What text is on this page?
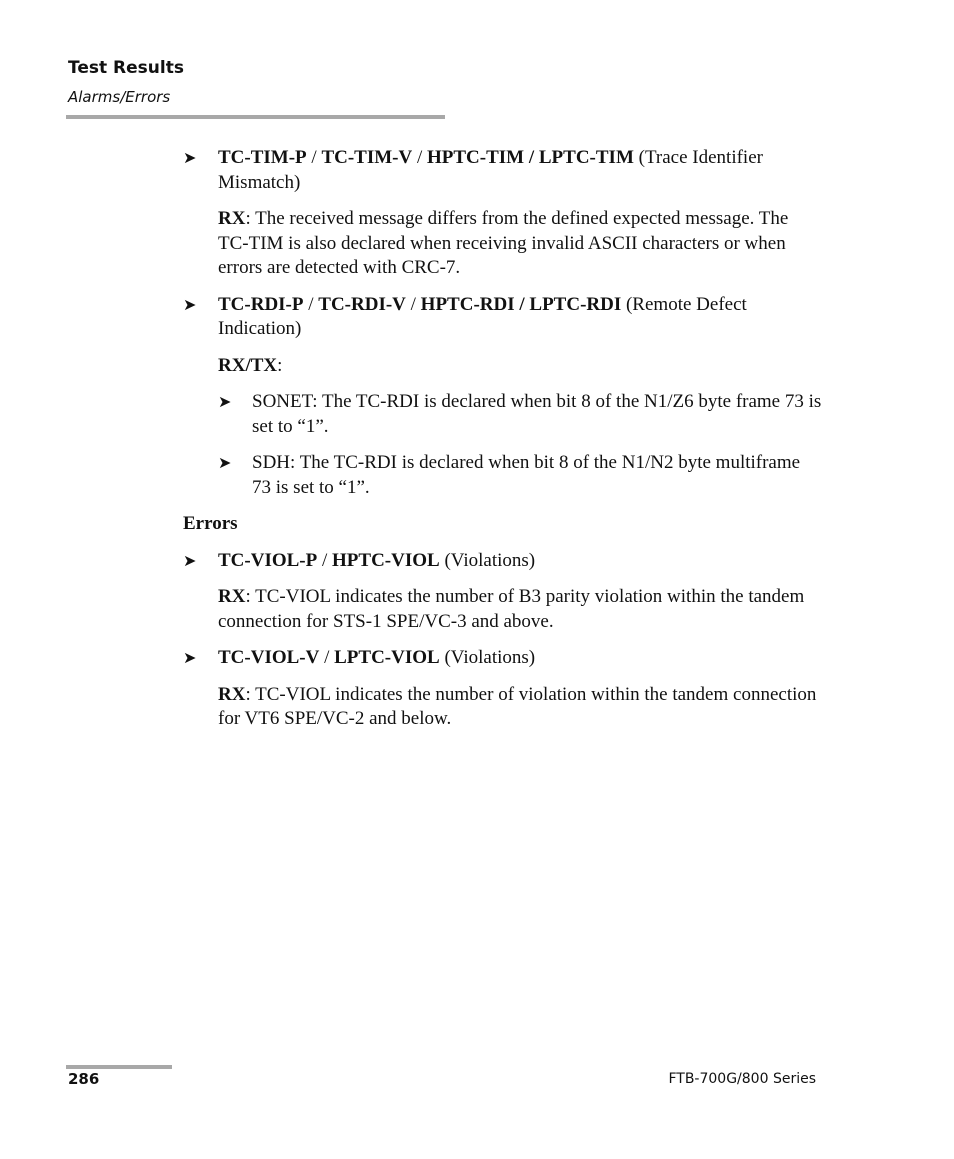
Test Results
Alarms/Errors
➤ TC-TIM-P / TC-TIM-V / HPTC-TIM / LPTC-TIM (Trace Identifier Mismatch)
RX: The received message differs from the defined expected message. The TC-TIM is also declared when receiving invalid ASCII characters or when errors are detected with CRC-7.
➤ TC-RDI-P / TC-RDI-V / HPTC-RDI / LPTC-RDI (Remote Defect Indication)
RX/TX:
➤ SONET: The TC-RDI is declared when bit 8 of the N1/Z6 byte frame 73 is set to “1”.
➤ SDH: The TC-RDI is declared when bit 8 of the N1/N2 byte multiframe 73 is set to “1”.
Errors
➤ TC-VIOL-P / HPTC-VIOL (Violations)
RX: TC-VIOL indicates the number of B3 parity violation within the tandem connection for STS-1 SPE/VC-3 and above.
➤ TC-VIOL-V / LPTC-VIOL (Violations)
RX: TC-VIOL indicates the number of violation within the tandem connection for VT6 SPE/VC-2 and below.
286	FTB-700G/800 Series
